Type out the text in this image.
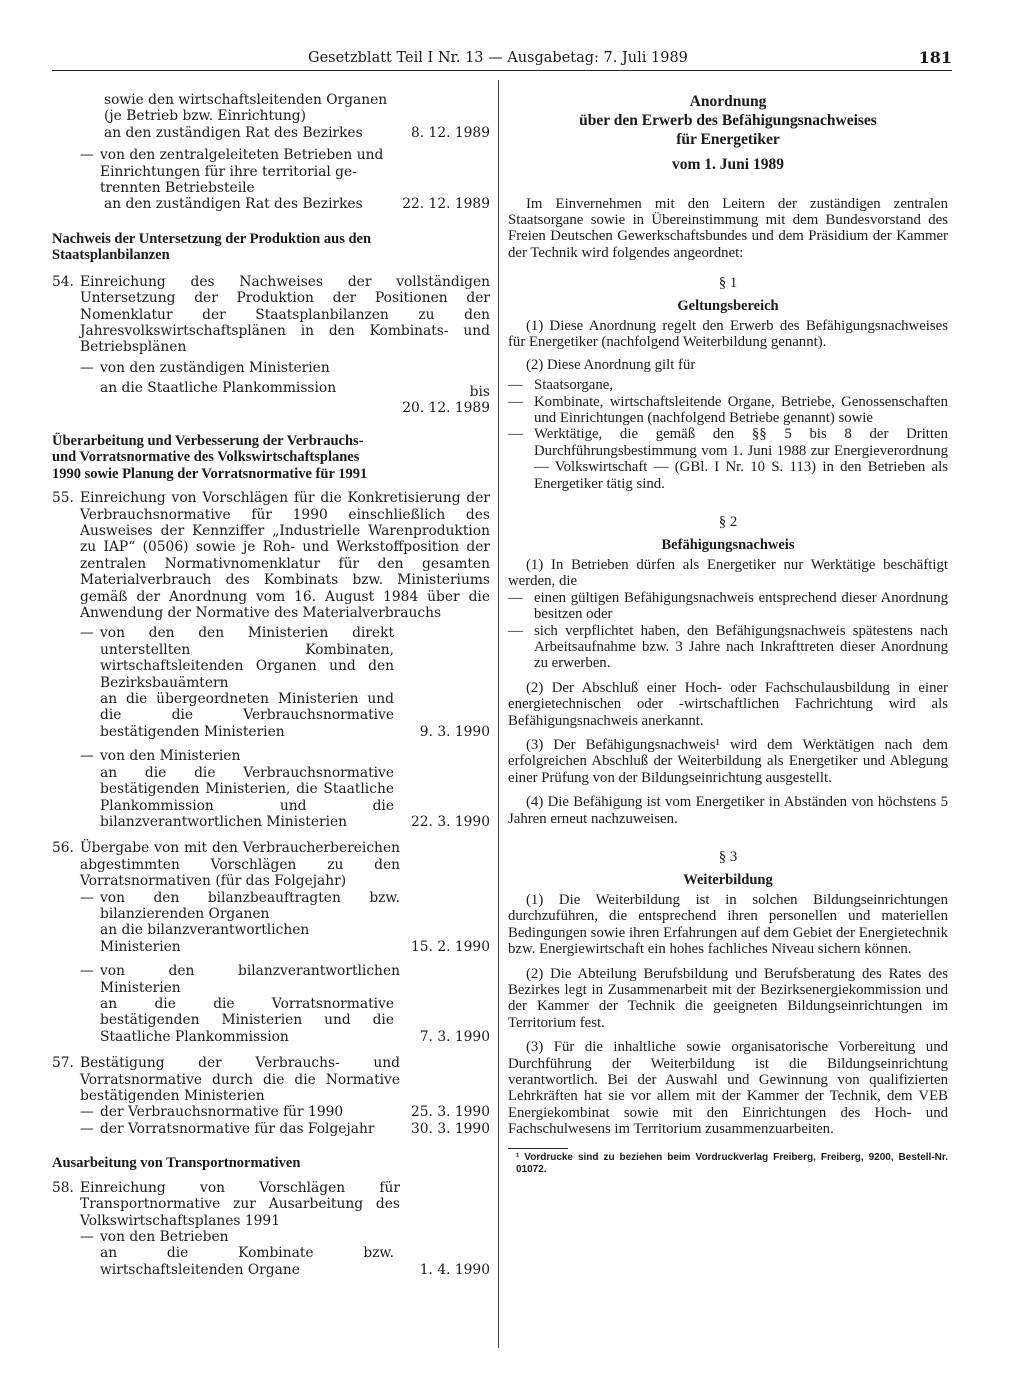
Gesetzblatt Teil I Nr. 13 — Ausgabetag: 7. Juli 1989	181
sowie den wirtschaftsleitenden Organen
(je Betrieb bzw. Einrichtung)
an den zuständigen Rat des Bezirkes	8. 12. 1989
— von den zentralgeleiteten Betrieben und
Einrichtungen für ihre territorial ge-
trennten Betriebsteile
an den zuständigen Rat des Bezirkes	22. 12. 1989
Nachweis der Untersetzung der Produktion aus den
Staatsplanbilanzen
54. Einreichung des Nachweises der vollständigen Untersetzung der Produktion der Positionen der Nomenklatur der Staatsplanbilanzen zu den Jahresvolkswirtschaftsplänen in den Kombinats- und Betriebsplänen
— von den zuständigen Ministerien
an die Staatliche Plankommission	bis
20. 12. 1989
Überarbeitung und Verbesserung der Verbrauchs-
und Vorratsnormative des Volkswirtschaftsplanes
1990 sowie Planung der Vorratsnormative für 1991
55. Einreichung von Vorschlägen für die Konkretisierung der Verbrauchsnormative für 1990 einschließlich des Ausweises der Kennziffer „Industrielle Warenproduktion zu IAP“ (0506) sowie je Roh- und Werkstoffposition der zentralen Normativnomenklatur für den gesamten Materialverbrauch des Kombinats bzw. Ministeriums gemäß der Anordnung vom 16. August 1984 über die Anwendung der Normative des Materialverbrauchs
— von den den Ministerien direkt unterstellten Kombinaten, wirtschaftsleitenden Organen und den Bezirksbauämtern
an die übergeordneten Ministerien und die die Verbrauchsnormative bestätigenden Ministerien	9. 3. 1990
— von den Ministerien
an die die Verbrauchsnormative bestätigenden Ministerien, die Staatliche Plankommission und die bilanzverantwortlichen Ministerien	22. 3. 1990
56. Übergabe von mit den Verbraucherbereichen abgestimmten Vorschlägen zu den Vorratsnormativen (für das Folgejahr)
— von den bilanzbeauftragten bzw. bilanzierenden Organen
an die bilanzverantwortlichen Ministerien	15. 2. 1990
— von den bilanzverantwortlichen Ministerien
an die die Vorratsnormative bestätigenden Ministerien und die Staatliche Plankommission	7. 3. 1990
57. Bestätigung der Verbrauchs- und Vorratsnormative durch die die Normative bestätigenden Ministerien
— der Verbrauchsnormative für 1990	25. 3. 1990
— der Vorratsnormative für das Folgejahr	30. 3. 1990
Ausarbeitung von Transportnormativen
58. Einreichung von Vorschlägen für Transportnormative zur Ausarbeitung des Volkswirtschaftsplanes 1991
— von den Betrieben
an die Kombinate bzw. wirtschaftsleitenden Organe	1. 4. 1990
Anordnung
über den Erwerb des Befähigungsnachweises
für Energetiker
vom 1. Juni 1989
Im Einvernehmen mit den Leitern der zuständigen zentralen Staatsorgane sowie in Übereinstimmung mit dem Bundesvorstand des Freien Deutschen Gewerkschaftsbundes und dem Präsidium der Kammer der Technik wird folgendes angeordnet:
§ 1
Geltungsbereich
(1) Diese Anordnung regelt den Erwerb des Befähigungsnachweises für Energetiker (nachfolgend Weiterbildung genannt).
(2) Diese Anordnung gilt für
— Staatsorgane,
— Kombinate, wirtschaftsleitende Organe, Betriebe, Genossenschaften und Einrichtungen (nachfolgend Betriebe genannt) sowie
— Werktätige, die gemäß den §§ 5 bis 8 der Dritten Durchführungsbestimmung vom 1. Juni 1988 zur Energieverordnung — Volkswirtschaft — (GBl. I Nr. 10 S. 113) in den Betrieben als Energetiker tätig sind.
§ 2
Befähigungsnachweis
(1) In Betrieben dürfen als Energetiker nur Werktätige beschäftigt werden, die
— einen gültigen Befähigungsnachweis entsprechend dieser Anordnung besitzen oder
— sich verpflichtet haben, den Befähigungsnachweis spätestens nach Arbeitsaufnahme bzw. 3 Jahre nach Inkrafttreten dieser Anordnung zu erwerben.
(2) Der Abschluß einer Hoch- oder Fachschulausbildung in einer energietechnischen oder -wirtschaftlichen Fachrichtung wird als Befähigungsnachweis anerkannt.
(3) Der Befähigungsnachweis¹ wird dem Werktätigen nach dem erfolgreichen Abschluß der Weiterbildung als Energetiker und Ablegung einer Prüfung von der Bildungseinrichtung ausgestellt.
(4) Die Befähigung ist vom Energetiker in Abständen von höchstens 5 Jahren erneut nachzuweisen.
§ 3
Weiterbildung
(1) Die Weiterbildung ist in solchen Bildungseinrichtungen durchzuführen, die entsprechend ihren personellen und materiellen Bedingungen sowie ihren Erfahrungen auf dem Gebiet der Energietechnik bzw. Energiewirtschaft ein hohes fachliches Niveau sichern können.
(2) Die Abteilung Berufsbildung und Berufsberatung des Rates des Bezirkes legt in Zusammenarbeit mit der Bezirksenergiekommission und der Kammer der Technik die geeigneten Bildungseinrichtungen im Territorium fest.
(3) Für die inhaltliche sowie organisatorische Vorbereitung und Durchführung der Weiterbildung ist die Bildungseinrichtung verantwortlich. Bei der Auswahl und Gewinnung von qualifizierten Lehrkräften hat sie vor allem mit der Kammer der Technik, dem VEB Energiekombinat sowie mit den Einrichtungen des Hoch- und Fachschulwesens im Territorium zusammenzuarbeiten.
¹ Vordrucke sind zu beziehen beim Vordruckverlag Freiberg, Freiberg, 9200, Bestell-Nr. 01072.
